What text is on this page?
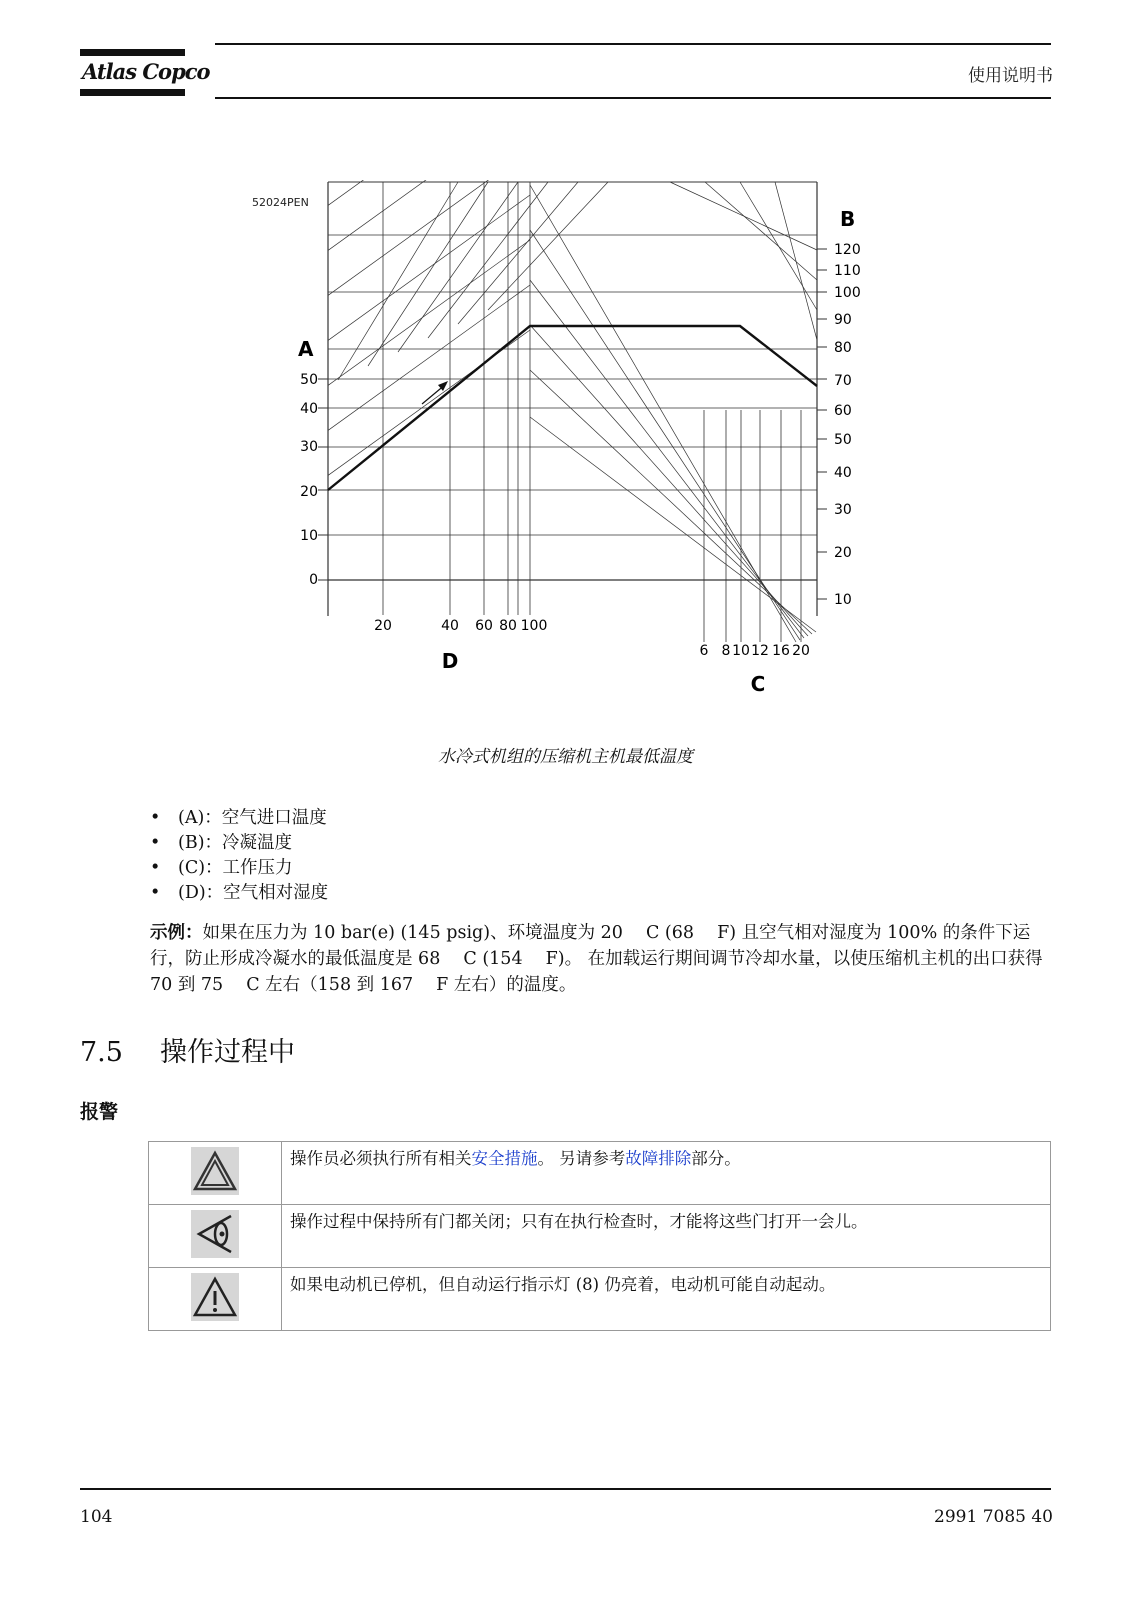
Atlas Copco	使用说明书
52024PEN
A
0
10
20
30
40
50
B
10
20
30
40
50
60
70
80
90
100
110
120
20	40 60 80 100
D	6 8 10 12 16 20
C
水冷式机组的压缩机主机最低温度
• (A)：空气进口温度
• (B)：冷凝温度
• (C)：工作压力
• (D)：空气相对湿度

示例：如果在压力为 10 bar(e) (145 psig)、环境温度为 20　 C (68　 F) 且空气相对湿度为 100% 的条件下运行，防止形成冷凝水的最低温度是 68　 C (154　 F)。 在加载运行期间调节冷却水量，以使压缩机主机的出口获得 70 到 75　 C 左右（158 到 167　 F 左右）的温度。

7.5 操作过程中
报警
	操作员必须执行所有相关安全措施。 另请参考故障排除部分。
	操作过程中保持所有门都关闭；只有在执行检查时，才能将这些门打开一会儿。
	如果电动机已停机，但自动运行指示灯 (8) 仍亮着，电动机可能自动起动。
104	2991 7085 40
